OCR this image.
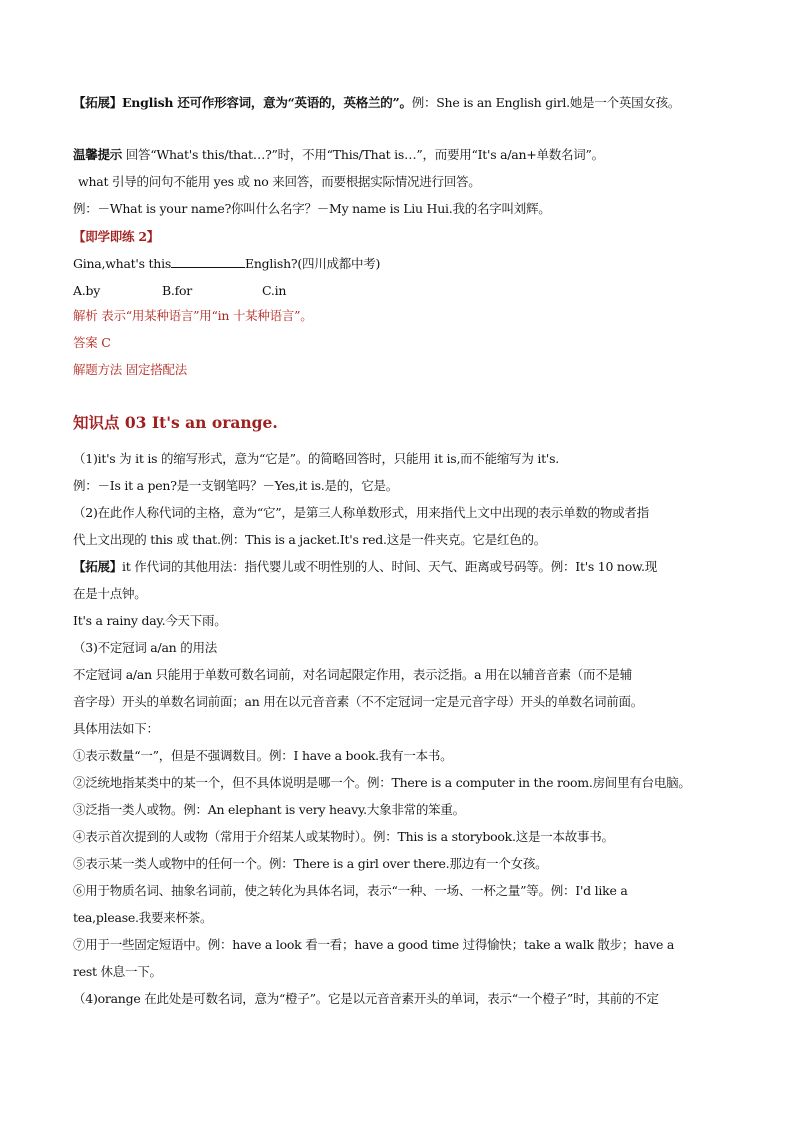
【拓展】English 还可作形容词，意为“英语的，英格兰的”。例：She is an English girl.她是一个英国女孩。
温馨提示 回答“What's this/that…?”时，不用“This/That is…”，而要用“It's a/an+单数名词”。
what 引导的问句不能用 yes 或 no 来回答，而要根据实际情况进行回答。
例：－What is your name?你叫什么名字？－My name is Liu Hui.我的名字叫刘辉。
【即学即练 2】
Gina,what's this	English?(四川成都中考)
A.by	B.for	C.in
解析 表示“用某种语言”用“in 十某种语言”。
答案 C
解题方法 固定搭配法
知识点 03 It's an orange.
（1)it's 为 it is 的缩写形式，意为“它是”。的简略回答时，只能用 it is,而不能缩写为 it's.
例：－Is it a pen?是一支钢笔吗？－Yes,it is.是的，它是。
（2)在此作人称代词的主格，意为“它”，是第三人称单数形式，用来指代上文中出现的表示单数的物或者指
代上文出现的 this 或 that.例：This is a jacket.It's red.这是一件夹克。它是红色的。
【拓展】it 作代词的其他用法：指代婴儿或不明性别的人、时间、天气、距离或号码等。例：It's 10 now.现
在是十点钟。
It's a rainy day.今天下雨。
（3)不定冠词 a/an 的用法
不定冠词 a/an 只能用于单数可数名词前，对名词起限定作用，表示泛指。a 用在以辅音音素（而不是辅
音字母）开头的单数名词前面；an 用在以元音音素（不不定冠词一定是元音字母）开头的单数名词前面。
具体用法如下：
①表示数量“一”，但是不强调数目。例：I have a book.我有一本书。
②泛统地指某类中的某一个，但不具体说明是哪一个。例：There is a computer in the room.房间里有台电脑。
③泛指一类人或物。例：An elephant is very heavy.大象非常的笨重。
④表示首次提到的人或物（常用于介绍某人或某物时）。例：This is a storybook.这是一本故事书。
⑤表示某一类人或物中的任何一个。例：There is a girl over there.那边有一个女孩。
⑥用于物质名词、抽象名词前，使之转化为具体名词，表示“一种、一场、一杯之量”等。例：I'd like a
tea,please.我要来杯茶。
⑦用于一些固定短语中。例：have a look 看一看；have a good time 过得愉快；take a walk 散步；have a
rest 休息一下。
（4)orange 在此处是可数名词，意为“橙子”。它是以元音音素开头的单词，表示“一个橙子”时，其前的不定
